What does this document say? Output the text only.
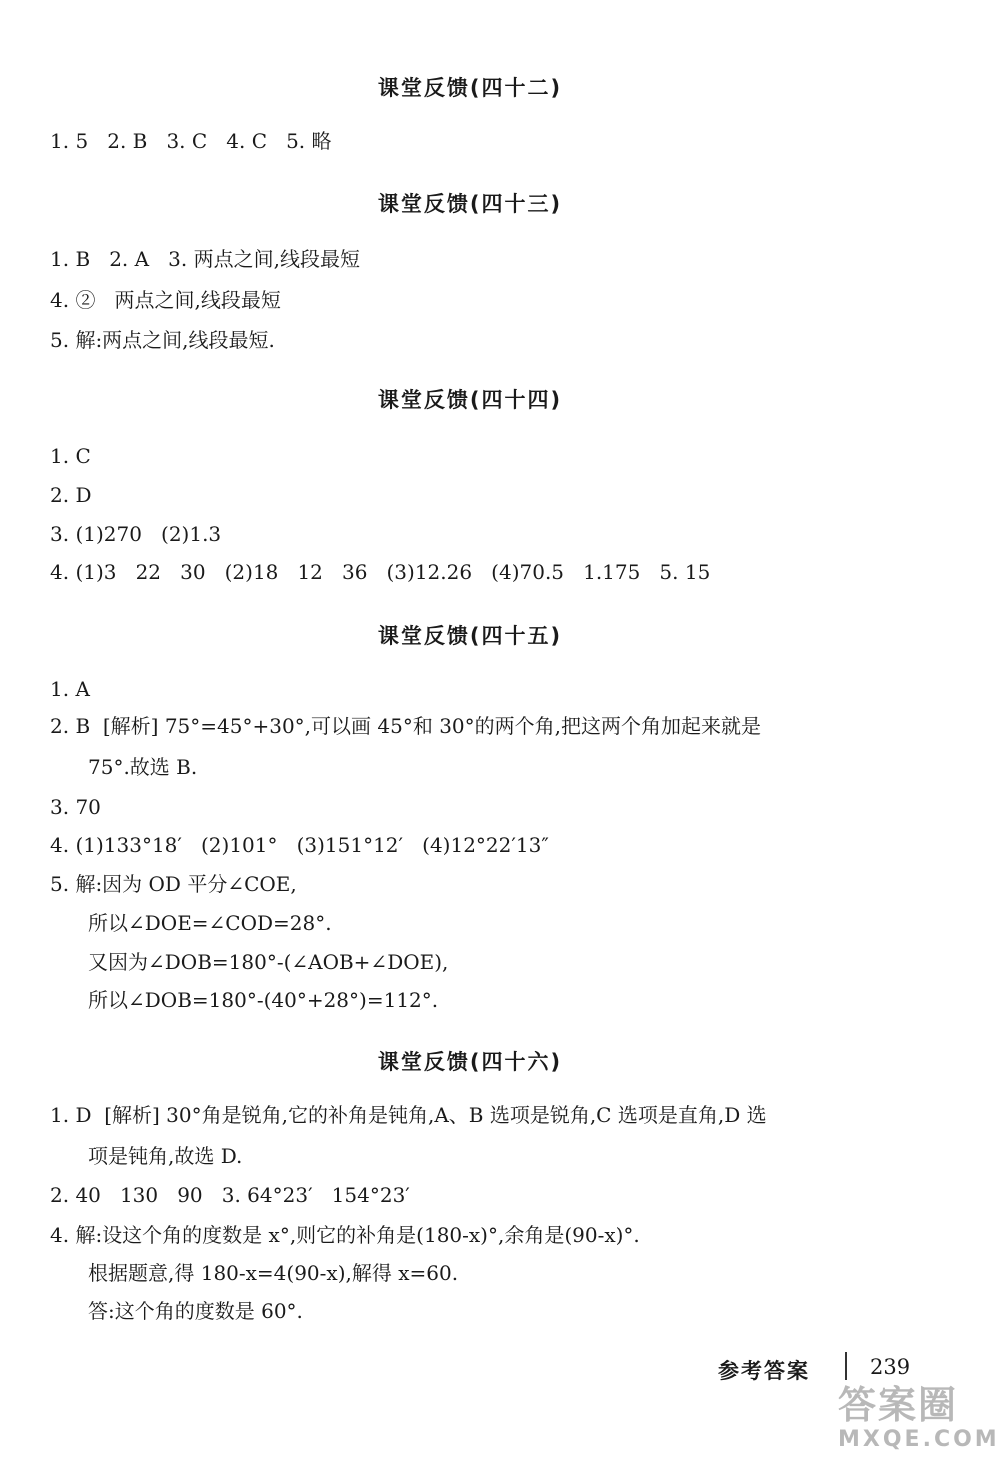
课堂反馈(四十二)
1. 5   2. B   3. C   4. C   5. 略
课堂反馈(四十三)
1. B   2. A   3. 两点之间,线段最短
4. ②   两点之间,线段最短
5. 解:两点之间,线段最短.
课堂反馈(四十四)
1. C
2. D
3. (1)270   (2)1.3
4. (1)3   22   30   (2)18   12   36   (3)12.26   (4)70.5   1.175   5. 15
课堂反馈(四十五)
1. A
2. B  [解析] 75°=45°+30°,可以画 45°和 30°的两个角,把这两个角加起来就是
75°.故选 B.
3. 70
4. (1)133°18′   (2)101°   (3)151°12′   (4)12°22′13″
5. 解:因为 OD 平分∠COE,
所以∠DOE=∠COD=28°.
又因为∠DOB=180°-(∠AOB+∠DOE),
所以∠DOB=180°-(40°+28°)=112°.
课堂反馈(四十六)
1. D  [解析] 30°角是锐角,它的补角是钝角,A、B 选项是锐角,C 选项是直角,D 选
项是钝角,故选 D.
2. 40   130   90   3. 64°23′   154°23′
4. 解:设这个角的度数是 x°,则它的补角是(180-x)°,余角是(90-x)°.
根据题意,得 180-x=4(90-x),解得 x=60.
答:这个角的度数是 60°.
参考答案	239
答案圈
MXQE.COM
